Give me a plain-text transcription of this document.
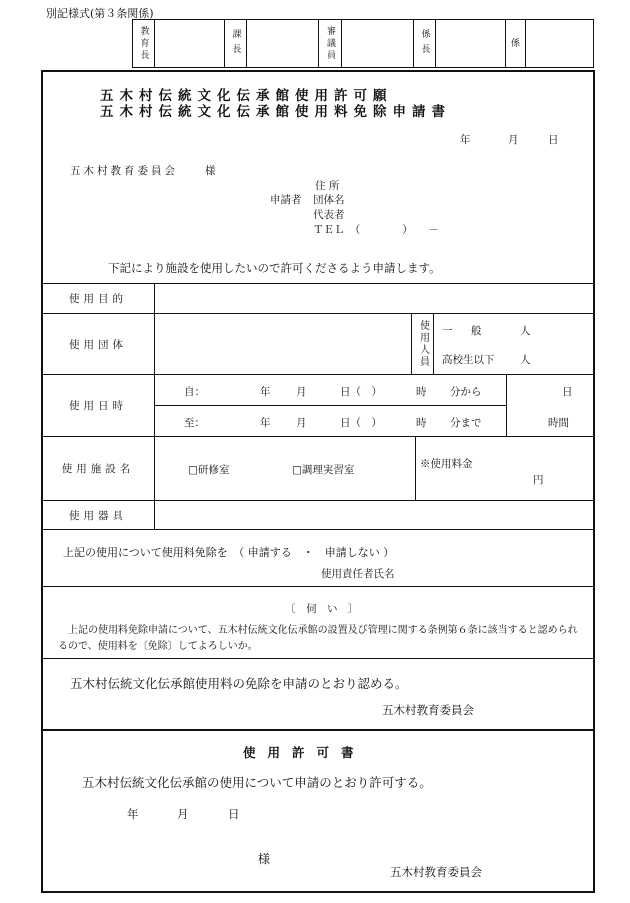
別記様式(第３条関係)
教育長	課長	審議員	係長	係
五木村伝統文化伝承館使用許可願
五木村伝統文化伝承館使用料免除申請書
年	月	日
五木村教育委員会　　様
住 所
申請者 団体名
代表者
ＴＥＬ　（　　　　）　　－
下記により施設を使用したいので許可くださるよう申請します。
使用目的
使用団体	使用人員 一　般	人
高校生以下 人
使用日時
自：	年 月	日（　）	時 分から	日
至：	年 月	日（　）	時 分まで	時間
使用施設名	□研修室	□調理実習室	※使用料金
円
使用器具
上記の使用について使用料免除を　（ 申請する　・　申請しない ）
使用責任者氏名
〔　伺　い　〕
上記の使用料免除申請について、五木村伝統文化伝承館の設置及び管理に関する条例第６条に該当すると認められるので、使用料を〔免除〕してよろしいか。
五木村伝統文化伝承館使用料の免除を申請のとおり認める。
五木村教育委員会
使用許可書
五木村伝統文化伝承館の使用について申請のとおり許可する。
年	月	日
様
五木村教育委員会
